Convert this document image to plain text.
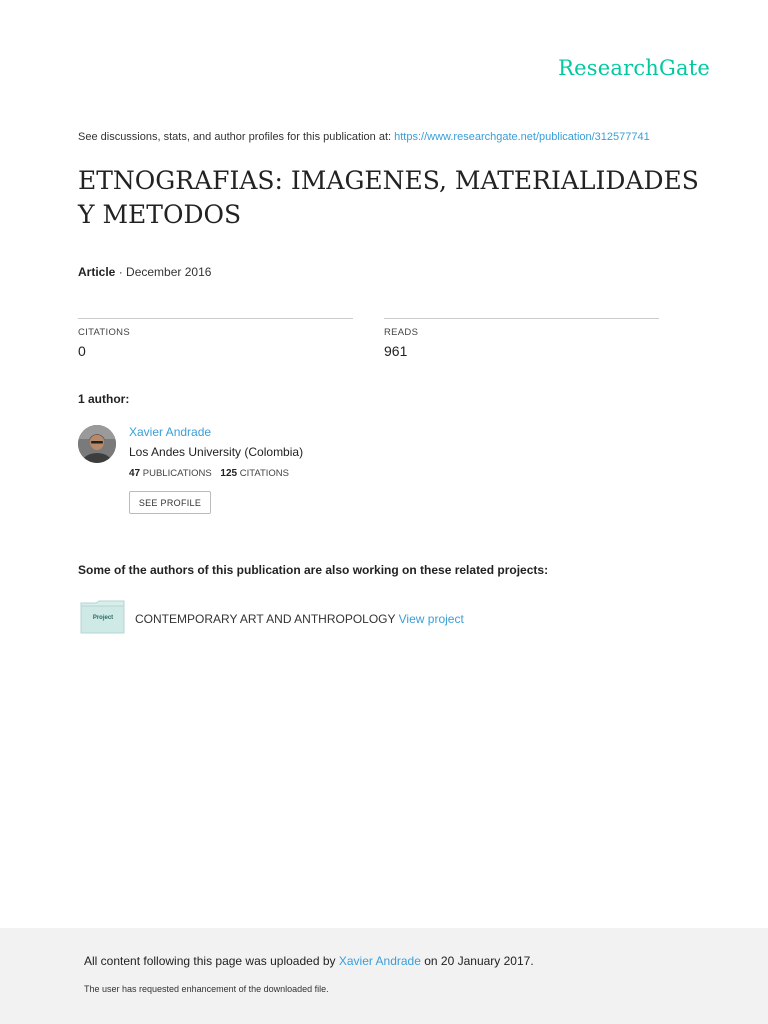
ResearchGate
See discussions, stats, and author profiles for this publication at: https://www.researchgate.net/publication/312577741
ETNOGRAFIAS: IMAGENES, MATERIALIDADES Y METODOS
Article · December 2016
CITATIONS
0
READS
961
1 author:
Xavier Andrade
Los Andes University (Colombia)
47 PUBLICATIONS 125 CITATIONS
SEE PROFILE
Some of the authors of this publication are also working on these related projects:
Project	CONTEMPORARY ART AND ANTHROPOLOGY View project
All content following this page was uploaded by Xavier Andrade on 20 January 2017.
The user has requested enhancement of the downloaded file.
